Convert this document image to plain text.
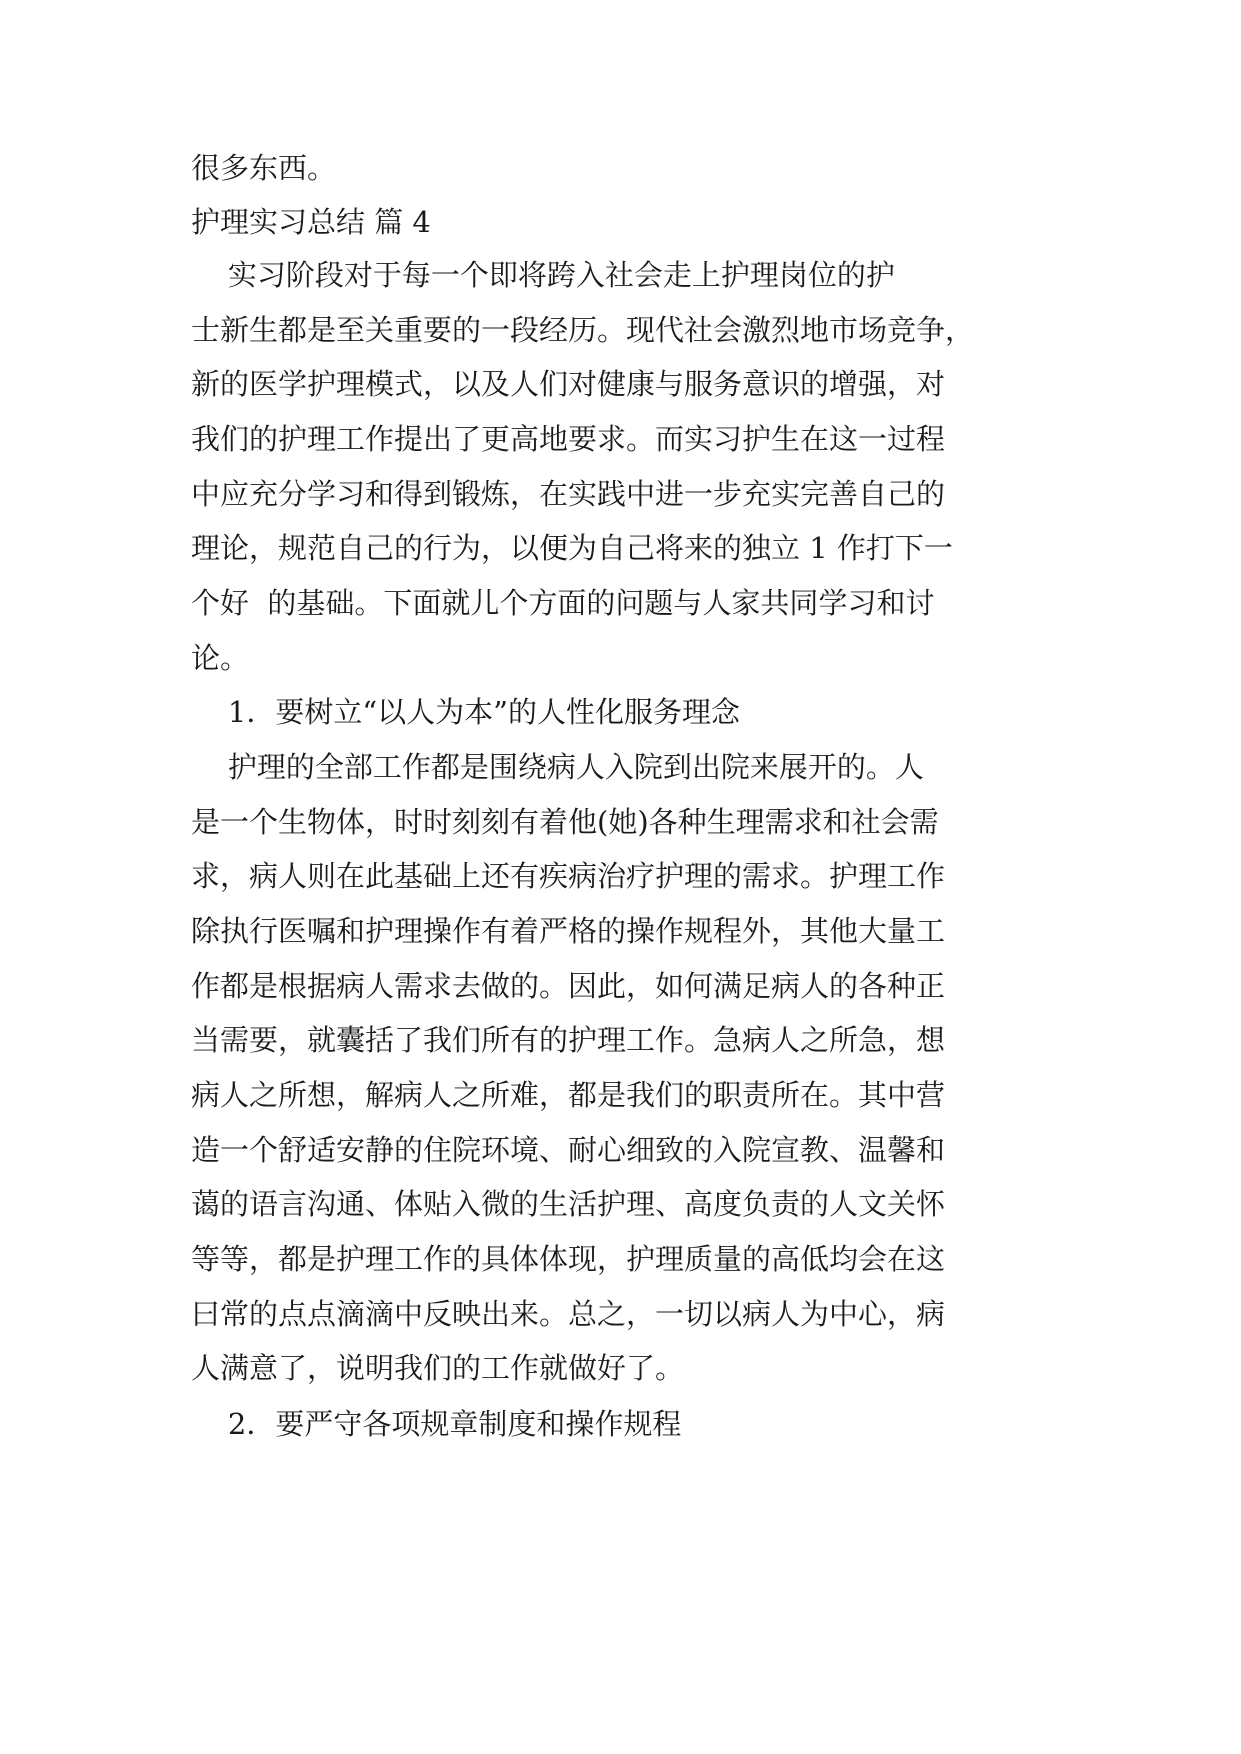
很多东西。
护理实习总结 篇 4
实习阶段对于每一个即将跨入社会走上护理岗位的护
士新生都是至关重要的一段经历。现代社会激烈地市场竞争，
新的医学护理模式，以及人们对健康与服务意识的增强，对
我们的护理工作提出了更高地要求。而实习护生在这一过程
中应充分学习和得到锻炼，在实践中进一步充实完善自己的
理论，规范自己的行为，以便为自己将来的独立 1 作打下一
个好  的基础。下面就儿个方面的问题与人家共同学习和讨
论。
1．要树立“以人为本”的人性化服务理念
护理的全部工作都是围绕病人入院到出院来展开的。人
是一个生物体，时时刻刻有着他(她)各种生理需求和社会需
求，病人则在此基础上还有疾病治疗护理的需求。护理工作
除执行医嘱和护理操作有着严格的操作规程外，其他大量工
作都是根据病人需求去做的。因此，如何满足病人的各种正
当需要，就囊括了我们所有的护理工作。急病人之所急，想
病人之所想，解病人之所难，都是我们的职责所在。其中营
造一个舒适安静的住院环境、耐心细致的入院宣教、温馨和
蔼的语言沟通、体贴入微的生活护理、高度负责的人文关怀
等等，都是护理工作的具体体现，护理质量的高低均会在这
曰常的点点滴滴中反映出来。总之，一切以病人为中心，病
人满意了，说明我们的工作就做好了。
2．要严守各项规章制度和操作规程
